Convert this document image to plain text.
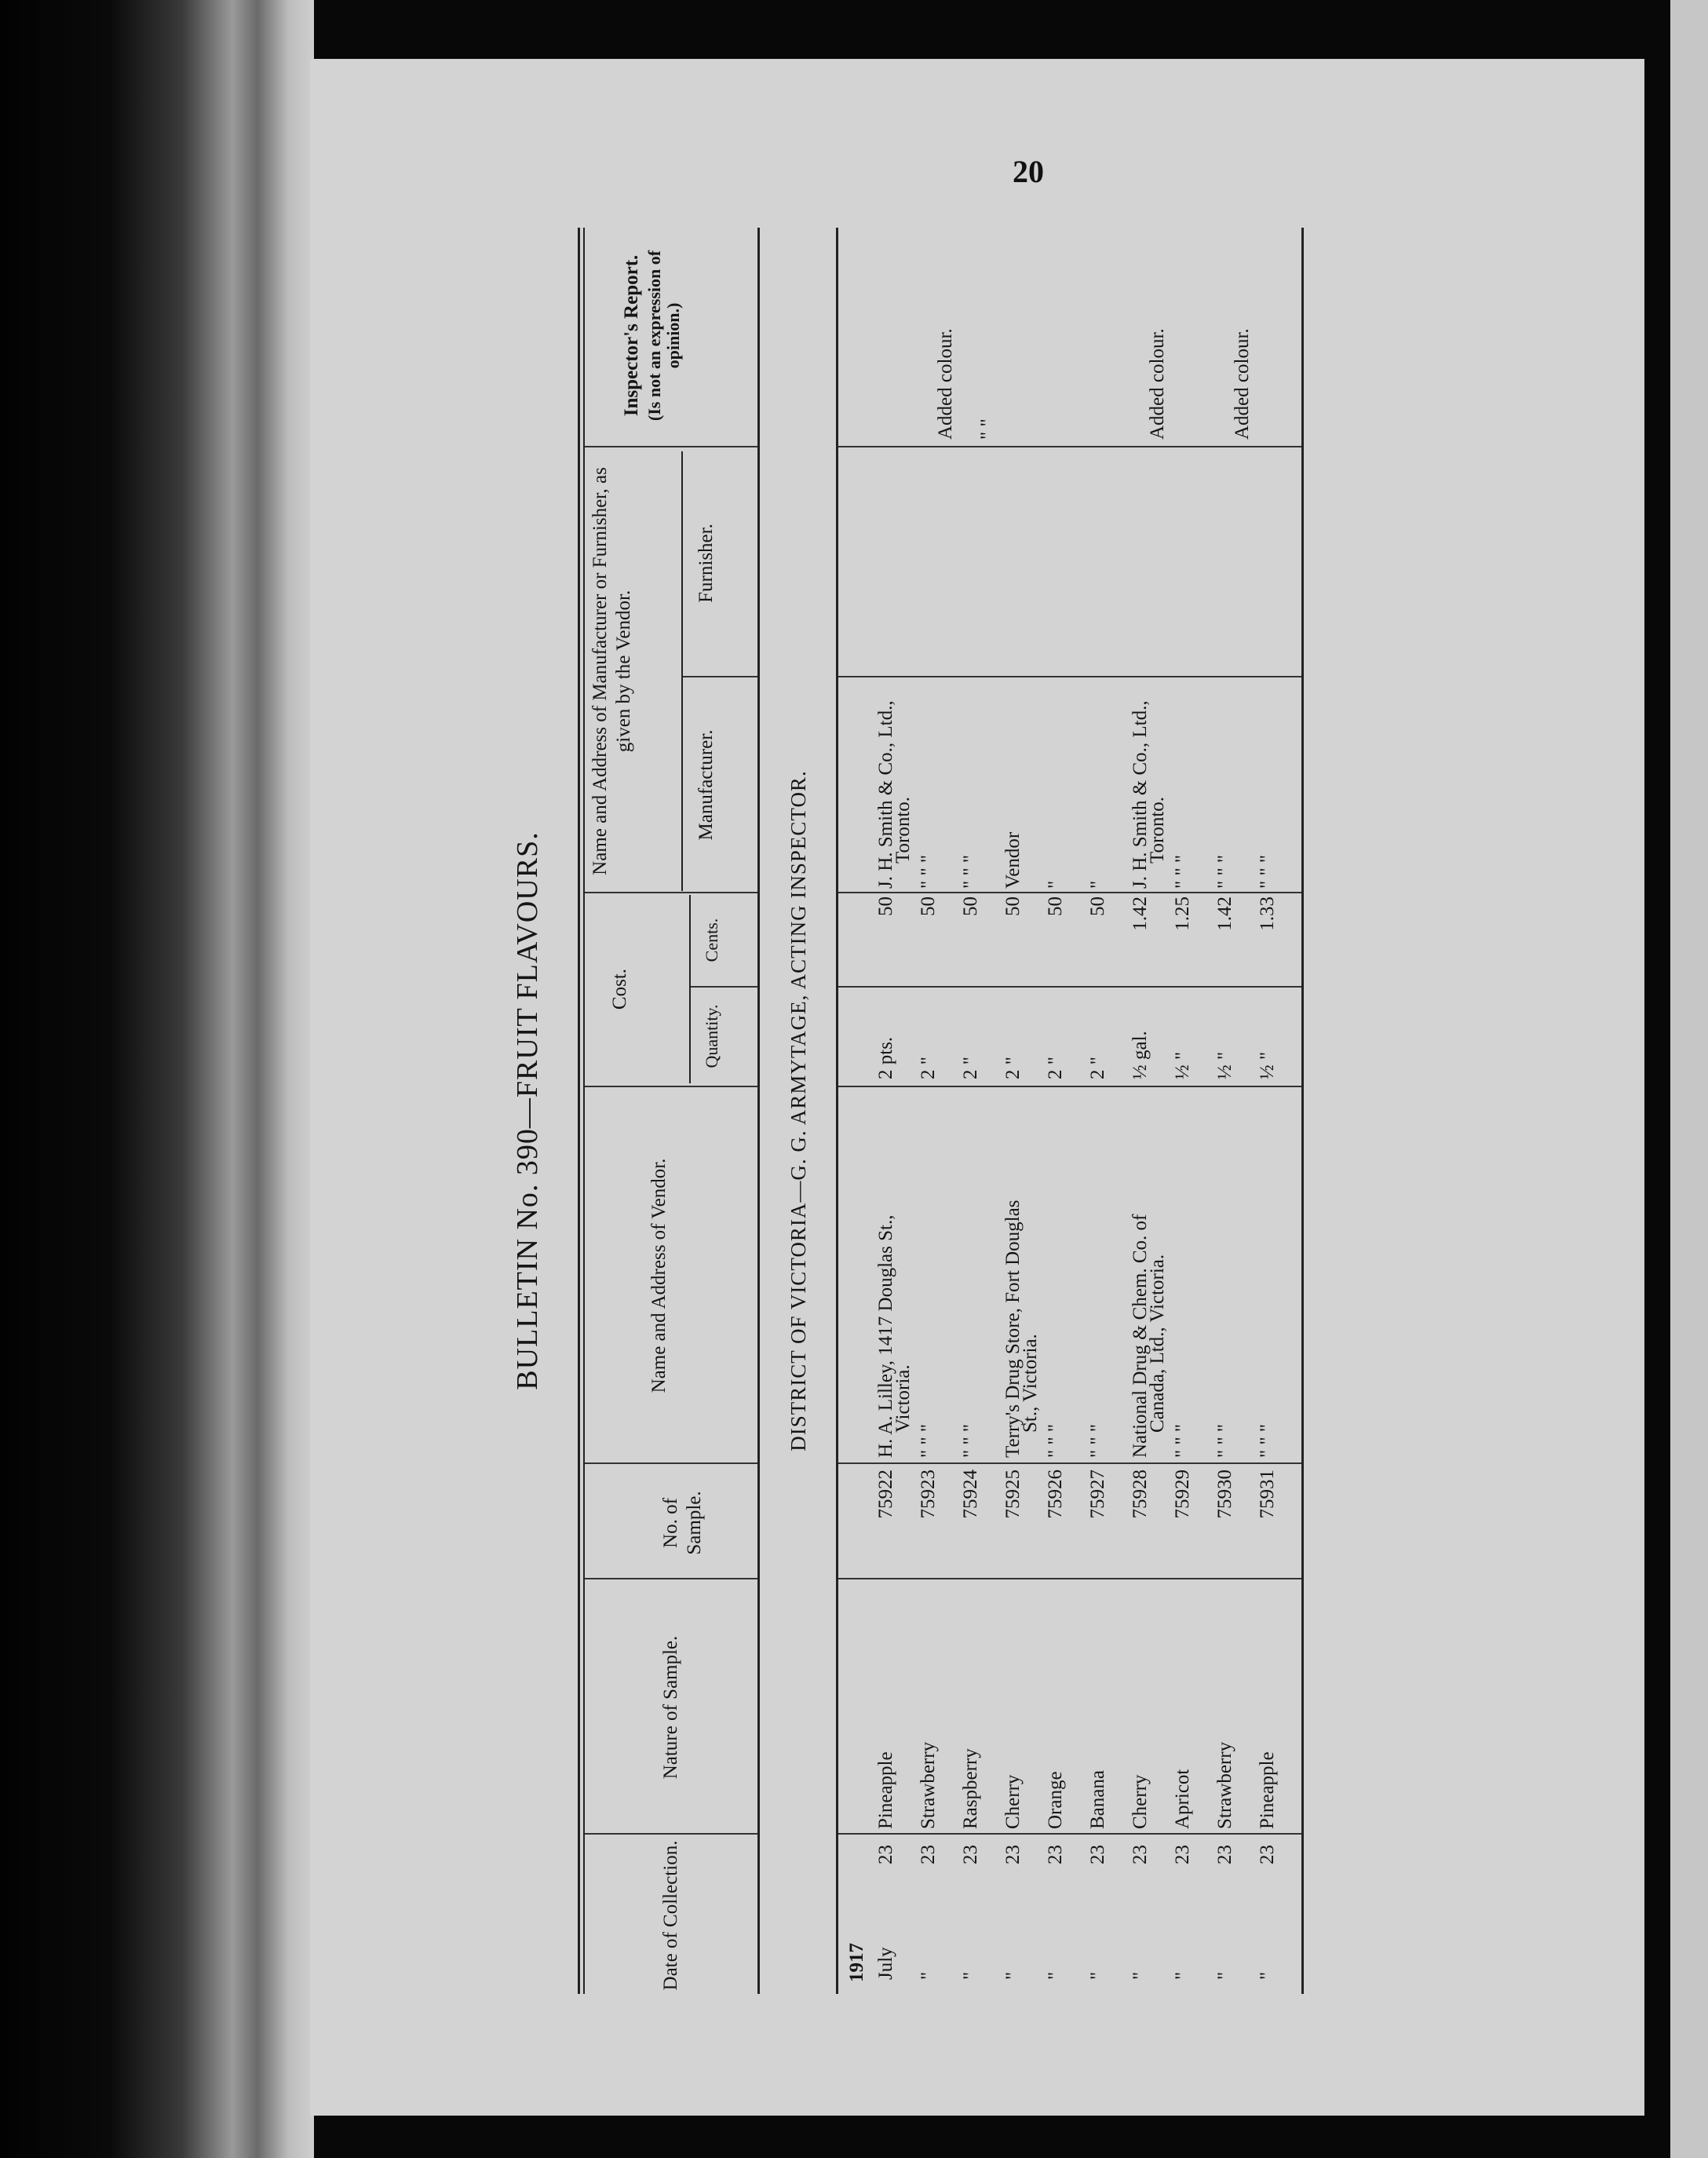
20
BULLETIN No. 390—FRUIT FLAVOURS.
Date of Collection.
Nature of Sample.
No. of Sample.
Name and Address of Vendor.
Cost.
Quantity.
Cents.
Name and Address of Manufacturer or Furnisher, as given by the Vendor.
Manufacturer.
Furnisher.
Inspector's Report. (Is not an expression of opinion.)
DISTRICT OF VICTORIA—G. G. ARMYTAGE, ACTING INSPECTOR.
1917 July
23
Pineapple
75922
H. A. Lilley, 1417 Douglas St.,
Victoria.
2 pts.
50
J. H. Smith & Co., Ltd.,
Toronto.
"
23
Strawberry
75923
" " "
2 "
50
" " "
Added colour.
"
23
Raspberry
75924
" " "
2 "
50
" " "
" "
"
23
Cherry
75925
Terry's Drug Store, Fort Douglas
St., Victoria.
2 "
50
Vendor
"
23
Orange
75926
" " "
2 "
50
"
"
23
Banana
75927
" " "
2 "
50
"
"
23
Cherry
75928
National Drug & Chem. Co. of
Canada, Ltd., Victoria.
½ gal.
1.42
J. H. Smith & Co., Ltd.,
Toronto.
Added colour.
"
23
Apricot
75929
" " "
½ "
1.25
" " "
"
23
Strawberry
75930
" " "
½ "
1.42
" " "
Added colour.
"
23
Pineapple
75931
" " "
½ "
1.33
" " "
